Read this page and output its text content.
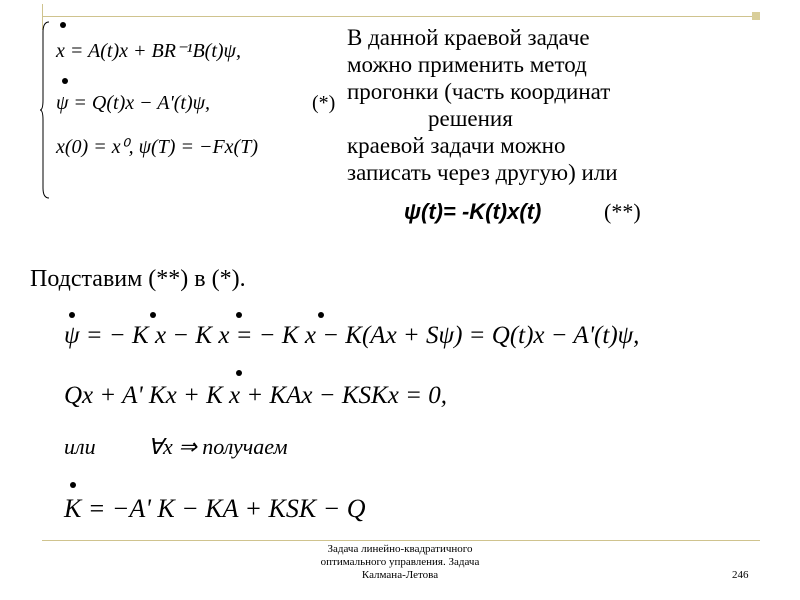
x = A(t)x + BR⁻¹B(t)ψ,
ψ = Q(t)x − A'(t)ψ,	(*)
x(0) = x⁰, ψ(T) = −Fx(T)
В данной краевой задаче
можно применить метод
прогонки (часть координат
решения
краевой задачи можно
записать через другую) или
ψ(t)= -K(t)x(t)	(**)
Подставим (**) в (*).
ψ = − K x − K x = − K x − K(Ax + Sψ) = Q(t)x − A'(t)ψ,
Qx + A' Kx + K x + KAx − KSKx = 0,
или ∀x ⇒ получаем
K = −A' K − KA + KSK − Q
Задача линейно-квадратичного
оптимального управления. Задача
Калмана-Летова	246
